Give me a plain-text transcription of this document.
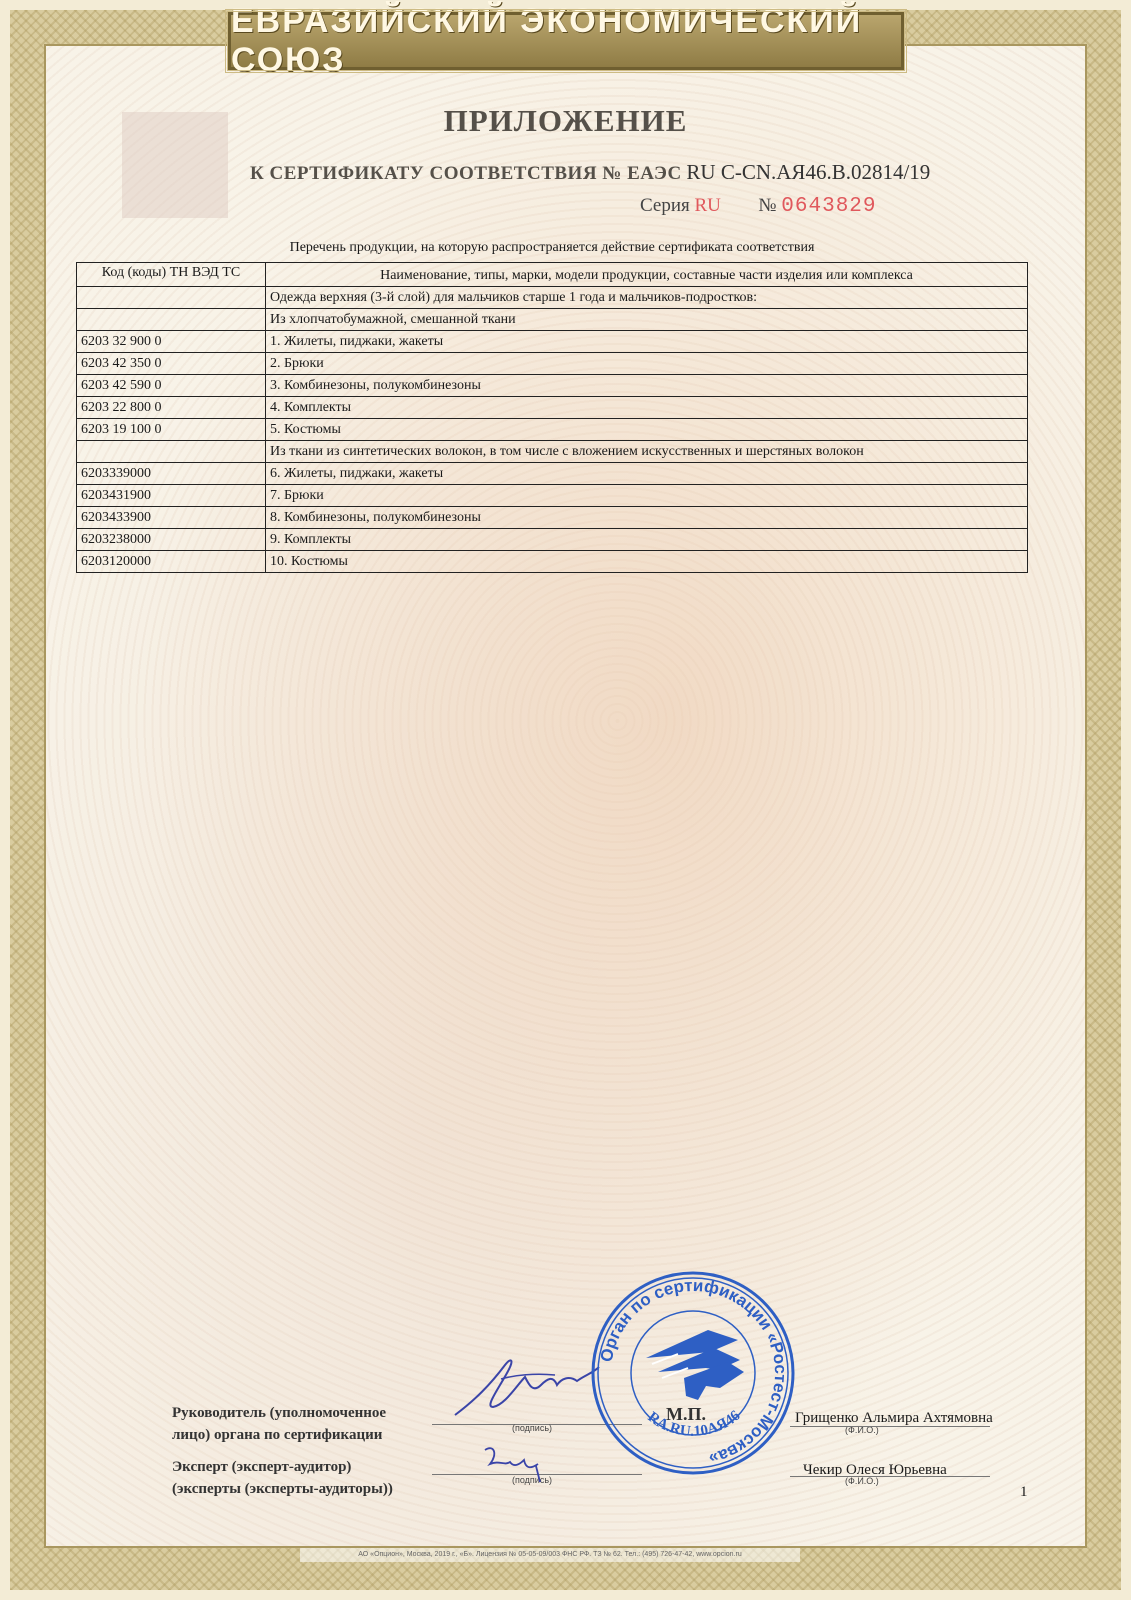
ЕВРАЗИЙСКИЙ ЭКОНОМИЧЕСКИЙ СОЮЗ
ПРИЛОЖЕНИЕ
К СЕРТИФИКАТУ СООТВЕТСТВИЯ № ЕАЭС RU С-CN.АЯ46.В.02814/19
Серия RU № 0643829
Перечень продукции, на которую распространяется действие сертификата соответствия
Код (коды) ТН ВЭД ТС	Наименование, типы, марки, модели продукции, составные части изделия или комплекса
	Одежда верхняя (3-й слой) для мальчиков старше 1 года и мальчиков-подростков:
	Из хлопчатобумажной, смешанной ткани
6203 32 900 0	1. Жилеты, пиджаки, жакеты
6203 42 350 0	2. Брюки
6203 42 590 0	3. Комбинезоны, полукомбинезоны
6203 22 800 0	4. Комплекты
6203 19 100 0	5. Костюмы
	Из ткани из синтетических волокон, в том числе с вложением искусственных и шерстяных волокон
6203339000	6. Жилеты, пиджаки, жакеты
6203431900	7. Брюки
6203433900	8. Комбинезоны, полукомбинезоны
6203238000	9. Комплекты
6203120000	10. Костюмы
Руководитель (уполномоченное
лицо) органа по сертификации
Эксперт (эксперт-аудитор)
(эксперты (эксперты-аудиторы))
(подпись)
(подпись)
Грищенко Альмира Ахтямовна
(Ф.И.О.)
Чекир Олеся Юрьевна
(Ф.И.О.)
Орган по сертификации «Ростест-Москва»
RA.RU.10АЯ46
М.П.
1
АО «Опцион», Москва, 2019 г., «Б». Лицензия № 05-05-09/003 ФНС РФ. ТЗ № 62. Тел.: (495) 726-47-42, www.opcion.ru
